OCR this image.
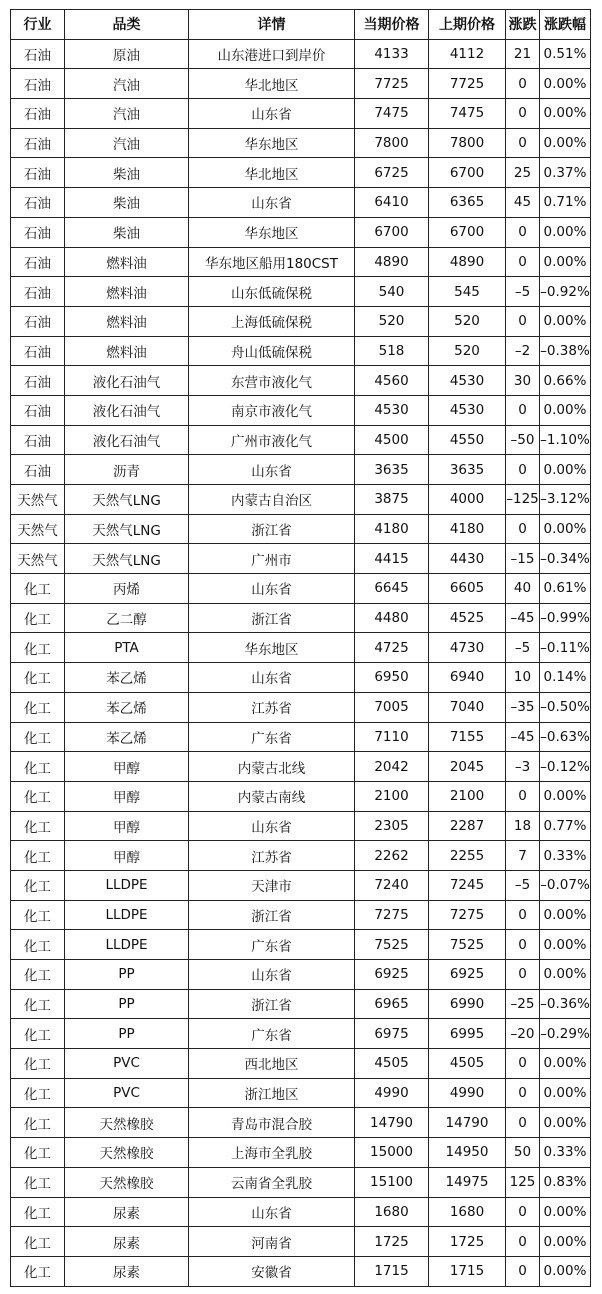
行业	品类	详情	当期价格	上期价格	涨跌	涨跌幅
石油	原油	山东港进口到岸价	4133	4112	21	0.51%
石油	汽油	华北地区	7725	7725	0	0.00%
石油	汽油	山东省	7475	7475	0	0.00%
石油	汽油	华东地区	7800	7800	0	0.00%
石油	柴油	华北地区	6725	6700	25	0.37%
石油	柴油	山东省	6410	6365	45	0.71%
石油	柴油	华东地区	6700	6700	0	0.00%
石油	燃料油	华东地区船用180CST	4890	4890	0	0.00%
石油	燃料油	山东低硫保税	540	545	–5	–0.92%
石油	燃料油	上海低硫保税	520	520	0	0.00%
石油	燃料油	舟山低硫保税	518	520	–2	–0.38%
石油	液化石油气	东营市液化气	4560	4530	30	0.66%
石油	液化石油气	南京市液化气	4530	4530	0	0.00%
石油	液化石油气	广州市液化气	4500	4550	–50	–1.10%
石油	沥青	山东省	3635	3635	0	0.00%
天然气	天然气LNG	内蒙古自治区	3875	4000	–125	–3.12%
天然气	天然气LNG	浙江省	4180	4180	0	0.00%
天然气	天然气LNG	广州市	4415	4430	–15	–0.34%
化工	丙烯	山东省	6645	6605	40	0.61%
化工	乙二醇	浙江省	4480	4525	–45	–0.99%
化工	PTA	华东地区	4725	4730	–5	–0.11%
化工	苯乙烯	山东省	6950	6940	10	0.14%
化工	苯乙烯	江苏省	7005	7040	–35	–0.50%
化工	苯乙烯	广东省	7110	7155	–45	–0.63%
化工	甲醇	内蒙古北线	2042	2045	–3	–0.12%
化工	甲醇	内蒙古南线	2100	2100	0	0.00%
化工	甲醇	山东省	2305	2287	18	0.77%
化工	甲醇	江苏省	2262	2255	7	0.33%
化工	LLDPE	天津市	7240	7245	–5	–0.07%
化工	LLDPE	浙江省	7275	7275	0	0.00%
化工	LLDPE	广东省	7525	7525	0	0.00%
化工	PP	山东省	6925	6925	0	0.00%
化工	PP	浙江省	6965	6990	–25	–0.36%
化工	PP	广东省	6975	6995	–20	–0.29%
化工	PVC	西北地区	4505	4505	0	0.00%
化工	PVC	浙江地区	4990	4990	0	0.00%
化工	天然橡胶	青岛市混合胶	14790	14790	0	0.00%
化工	天然橡胶	上海市全乳胶	15000	14950	50	0.33%
化工	天然橡胶	云南省全乳胶	15100	14975	125	0.83%
化工	尿素	山东省	1680	1680	0	0.00%
化工	尿素	河南省	1725	1725	0	0.00%
化工	尿素	安徽省	1715	1715	0	0.00%
